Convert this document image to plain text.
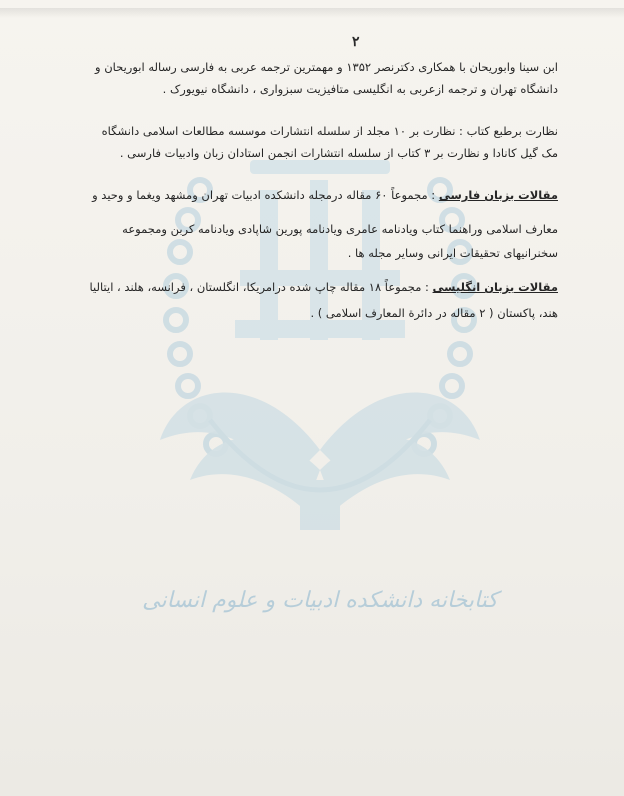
کتابخانه دانشکده ادبیات و علوم انسانی
۲
ابن سینا وابوریحان با همکاری دکترنصر ۱۳۵۲ و مهمترین ترجمه عربی به فارسی رساله ابوریحان و
دانشگاه تهران و ترجمه ازعربی به انگلیسی متافیزیت سبزواری ، دانشگاه نیویورک .
نظارت برطبع کتاب : نظارت بر ۱۰ مجلد از سلسله انتشارات موسسه مطالعات اسلامی دانشگاه
مک گیل کانادا و نظارت بر ۳ کتاب از سلسله انتشارات انجمن استادان زبان وادبیات فارسی .
مقالات بزبان فارسی : مجموعاً ۶۰ مقاله درمجله دانشکده ادبیات تهران ومشهد ویغما و وحید و
معارف اسلامی وراهنما کتاب ویادنامه عامری ویادنامه پورین شاپادی ویادنامه کربن ومجموعه
سخنرانیهای تحقیقات ایرانی وسایر مجله ها .
مقالات بزبان انگلیسی : مجموعاً ۱۸ مقاله چاپ شده درامریکا، انگلستان ، فرانسه، هلند ، ایتالیا
هند، پاکستان ( ۲ مقاله در دائرة المعارف اسلامی ) .
